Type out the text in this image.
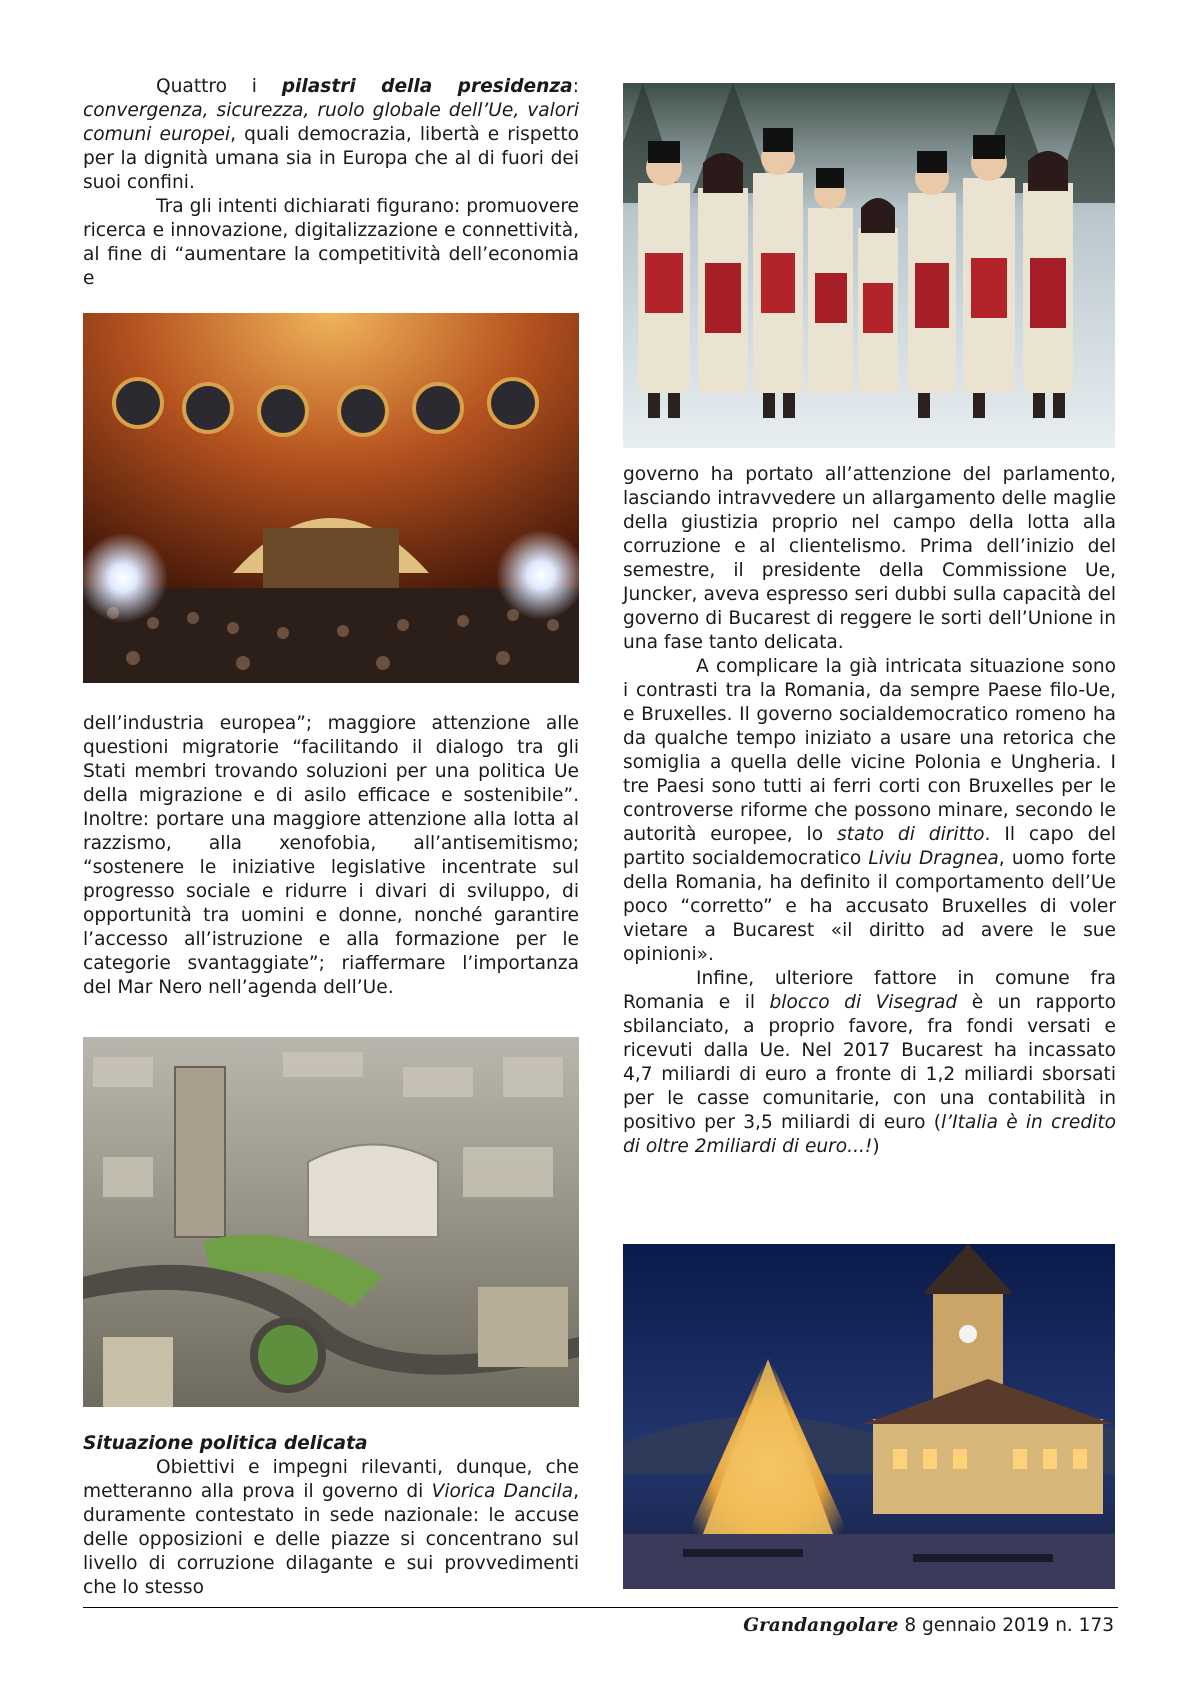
Quattro i pilastri della presidenza: convergenza, sicurezza, ruolo globale dell’Ue, valori comuni europei, quali democrazia, libertà e rispetto per la dignità umana sia in Europa che al di fuori dei suoi confini.

Tra gli intenti dichiarati figurano: promuovere ricerca e innovazione, digitalizzazione e connettività, al fine di “aumentare la competitività dell’economia e

dell’industria europea”; maggiore attenzione alle questioni migratorie “facilitando il dialogo tra gli Stati membri trovando soluzioni per una politica Ue della migrazione e di asilo efficace e sostenibile”. Inoltre: portare una maggiore attenzione alla lotta al razzismo, alla xenofobia, all’antisemitismo; “sostenere le iniziative legislative incentrate sul progresso sociale e ridurre i divari di sviluppo, di opportunità tra uomini e donne, nonché garantire l’accesso all’istruzione e alla formazione per le categorie svantaggiate”; riaffermare l’importanza del Mar Nero nell’agenda dell’Ue.

Situazione politica delicata

Obiettivi e impegni rilevanti, dunque, che metteranno alla prova il governo di Viorica Dancila, duramente contestato in sede nazionale: le accuse delle opposizioni e delle piazze si concentrano sul livello di corruzione dilagante e sui provvedimenti che lo stesso

governo ha portato all’attenzione del parlamento, lasciando intravvedere un allargamento delle maglie della giustizia proprio nel campo della lotta alla corruzione e al clientelismo. Prima dell’inizio del semestre, il presidente della Commissione Ue, Juncker, aveva espresso seri dubbi sulla capacità del governo di Bucarest di reggere le sorti dell’Unione in una fase tanto delicata.

A complicare la già intricata situazione sono i contrasti tra la Romania, da sempre Paese filo-Ue, e Bruxelles. Il governo socialdemocratico romeno ha da qualche tempo iniziato a usare una retorica che somiglia a quella delle vicine Polonia e Ungheria. I tre Paesi sono tutti ai ferri corti con Bruxelles per le controverse riforme che possono minare, secondo le autorità europee, lo stato di diritto. Il capo del partito socialdemocratico Liviu Dragnea, uomo forte della Romania, ha definito il comportamento dell’Ue poco “corretto” e ha accusato Bruxelles di voler vietare a Bucarest «il diritto ad avere le sue opinioni».

Infine, ulteriore fattore in comune fra Romania e il blocco di Visegrad è un rapporto sbilanciato, a proprio favore, fra fondi versati e ricevuti dalla Ue. Nel 2017 Bucarest ha incassato 4,7 miliardi di euro a fronte di 1,2 miliardi sborsati per le casse comunitarie, con una contabilità in positivo per 3,5 miliardi di euro (l’Italia è in credito di oltre 2miliardi di euro...!)

Grandangolare 8 gennaio 2019 n. 173
